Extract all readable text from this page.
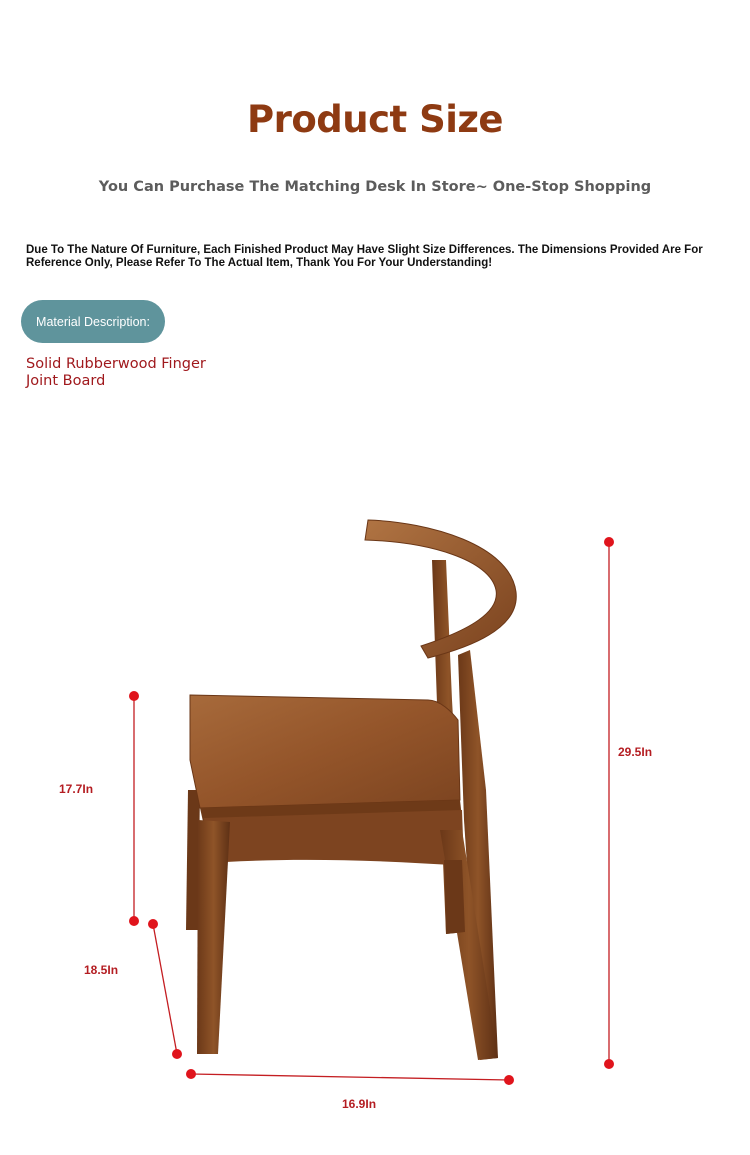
Product Size
You Can Purchase The Matching Desk In Store~ One-Stop Shopping
Due To The Nature Of Furniture, Each Finished Product May Have Slight Size Differences. The Dimensions Provided Are For Reference Only, Please Refer To The Actual Item, Thank You For Your Understanding!
Material Description:
Solid Rubberwood Finger
Joint Board
17.7In
18.5In
16.9In
29.5In
